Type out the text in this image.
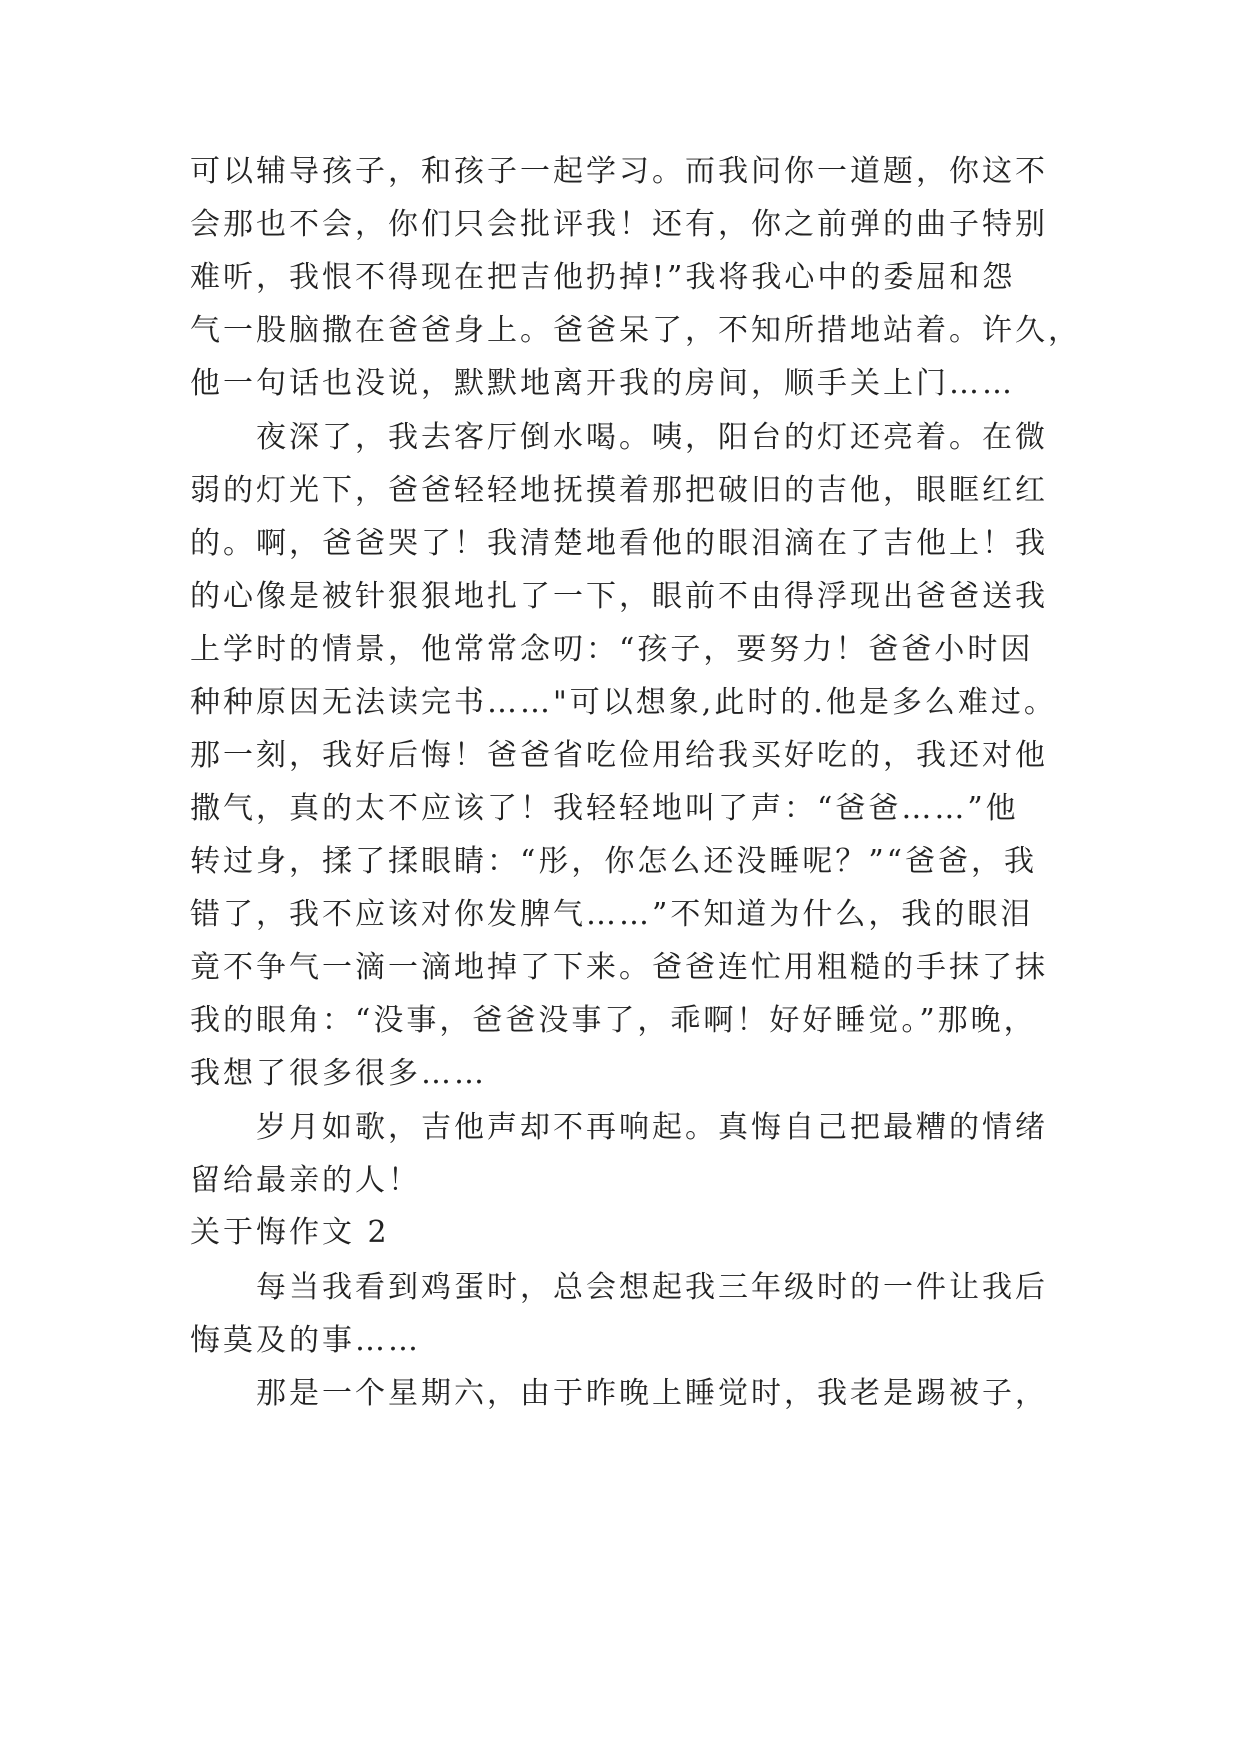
可以辅导孩子，和孩子一起学习。而我问你一道题，你这不
会那也不会，你们只会批评我！还有，你之前弹的曲子特别
难听，我恨不得现在把吉他扔掉!”我将我心中的委屈和怨
气一股脑撒在爸爸身上。爸爸呆了，不知所措地站着。许久，
他一句话也没说，默默地离开我的房间，顺手关上门……
夜深了，我去客厅倒水喝。咦，阳台的灯还亮着。在微
弱的灯光下，爸爸轻轻地抚摸着那把破旧的吉他，眼眶红红
的。啊，爸爸哭了！我清楚地看他的眼泪滴在了吉他上！我
的心像是被针狠狠地扎了一下，眼前不由得浮现出爸爸送我
上学时的情景，他常常念叨：“孩子，要努力！爸爸小时因
种种原因无法读完书……"可以想象,此时的.他是多么难过。
那一刻，我好后悔！爸爸省吃俭用给我买好吃的，我还对他
撒气，真的太不应该了！我轻轻地叫了声：“爸爸……”他
转过身，揉了揉眼睛：“彤，你怎么还没睡呢？”“爸爸，我
错了，我不应该对你发脾气……”不知道为什么，我的眼泪
竟不争气一滴一滴地掉了下来。爸爸连忙用粗糙的手抹了抹
我的眼角：“没事，爸爸没事了，乖啊！好好睡觉。”那晚，
我想了很多很多……
岁月如歌，吉他声却不再响起。真悔自己把最糟的情绪
留给最亲的人！
关于悔作文 2
每当我看到鸡蛋时，总会想起我三年级时的一件让我后
悔莫及的事……
那是一个星期六，由于昨晚上睡觉时，我老是踢被子，
